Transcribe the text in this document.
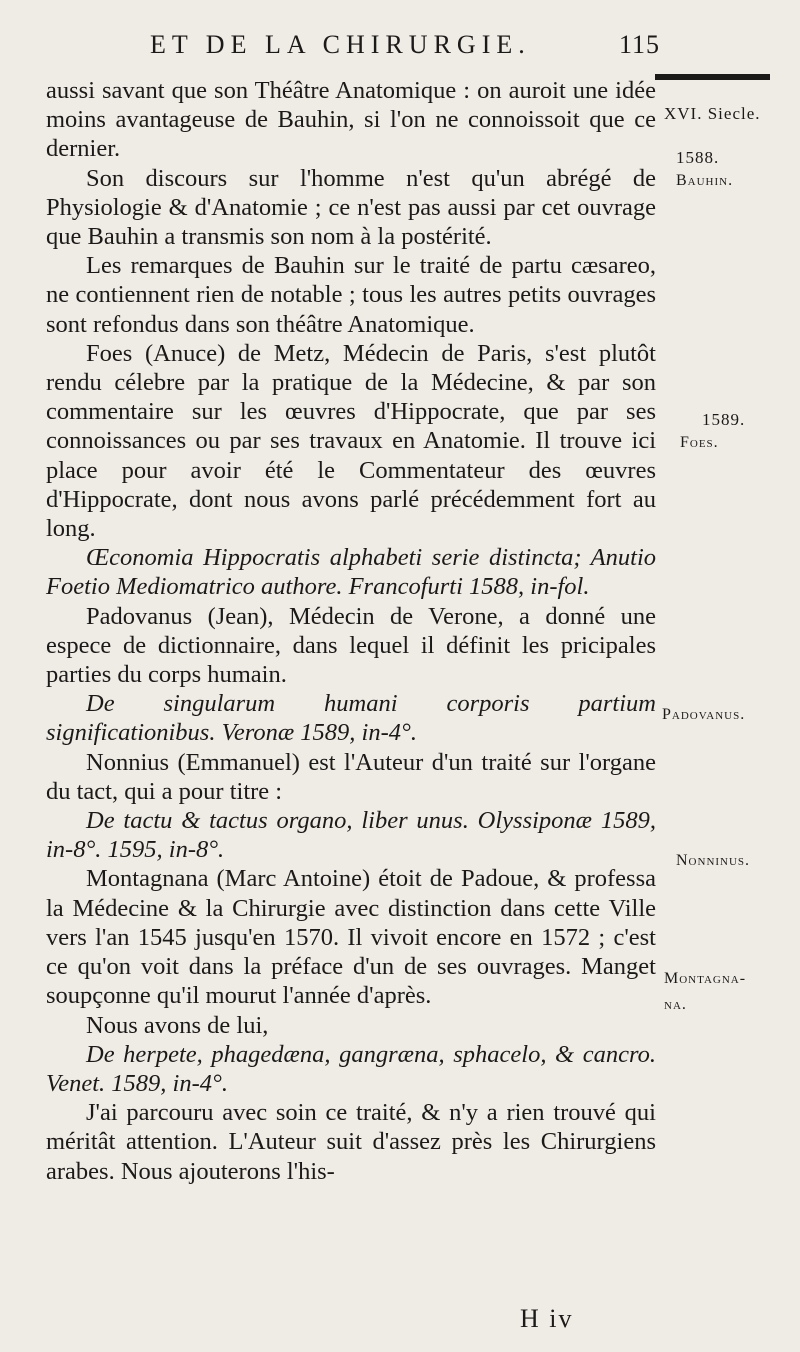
ET DE LA CHIRURGIE.	115
XVI. Siecle.
1588.
Bauhin.
1589.
Foes.
Padovanus.
Nonninus.
Montagna-
na.

aussi savant que son Théâtre Anatomique : on auroit une idée moins avantageuse de Bauhin, si l'on ne connoissoit que ce dernier.

Son discours sur l'homme n'est qu'un abrégé de Physiologie & d'Anatomie ; ce n'est pas aussi par cet ouvrage que Bauhin a transmis son nom à la postérité.

Les remarques de Bauhin sur le traité de partu cæsareo, ne contiennent rien de notable ; tous les autres petits ouvrages sont refondus dans son théâtre Anatomique.

Foes (Anuce) de Metz, Médecin de Paris, s'est plutôt rendu célebre par la pratique de la Médecine, & par son commentaire sur les œuvres d'Hippocrate, que par ses connoissances ou par ses travaux en Anatomie. Il trouve ici place pour avoir été le Commentateur des œuvres d'Hippocrate, dont nous avons parlé précédemment fort au long.

Œconomia Hippocratis alphabeti serie distincta; Anutio Foetio Mediomatrico authore. Francofurti 1588, in-fol.

Padovanus (Jean), Médecin de Verone, a donné une espece de dictionnaire, dans lequel il définit les pricipales parties du corps humain.

De singularum humani corporis partium significationibus. Veronæ 1589, in-4°.

Nonnius (Emmanuel) est l'Auteur d'un traité sur l'organe du tact, qui a pour titre :

De tactu & tactus organo, liber unus. Olyssiponæ 1589, in-8°. 1595, in-8°.

Montagnana (Marc Antoine) étoit de Padoue, & professa la Médecine & la Chirurgie avec distinction dans cette Ville vers l'an 1545 jusqu'en 1570. Il vivoit encore en 1572 ; c'est ce qu'on voit dans la préface d'un de ses ouvrages. Manget soupçonne qu'il mourut l'année d'après.

Nous avons de lui,

De herpete, phagedæna, gangræna, sphacelo, & cancro. Venet. 1589, in-4°.

J'ai parcouru avec soin ce traité, & n'y a rien trouvé qui méritât attention. L'Auteur suit d'assez près les Chirurgiens arabes. Nous ajouterons l'his-

H iv
